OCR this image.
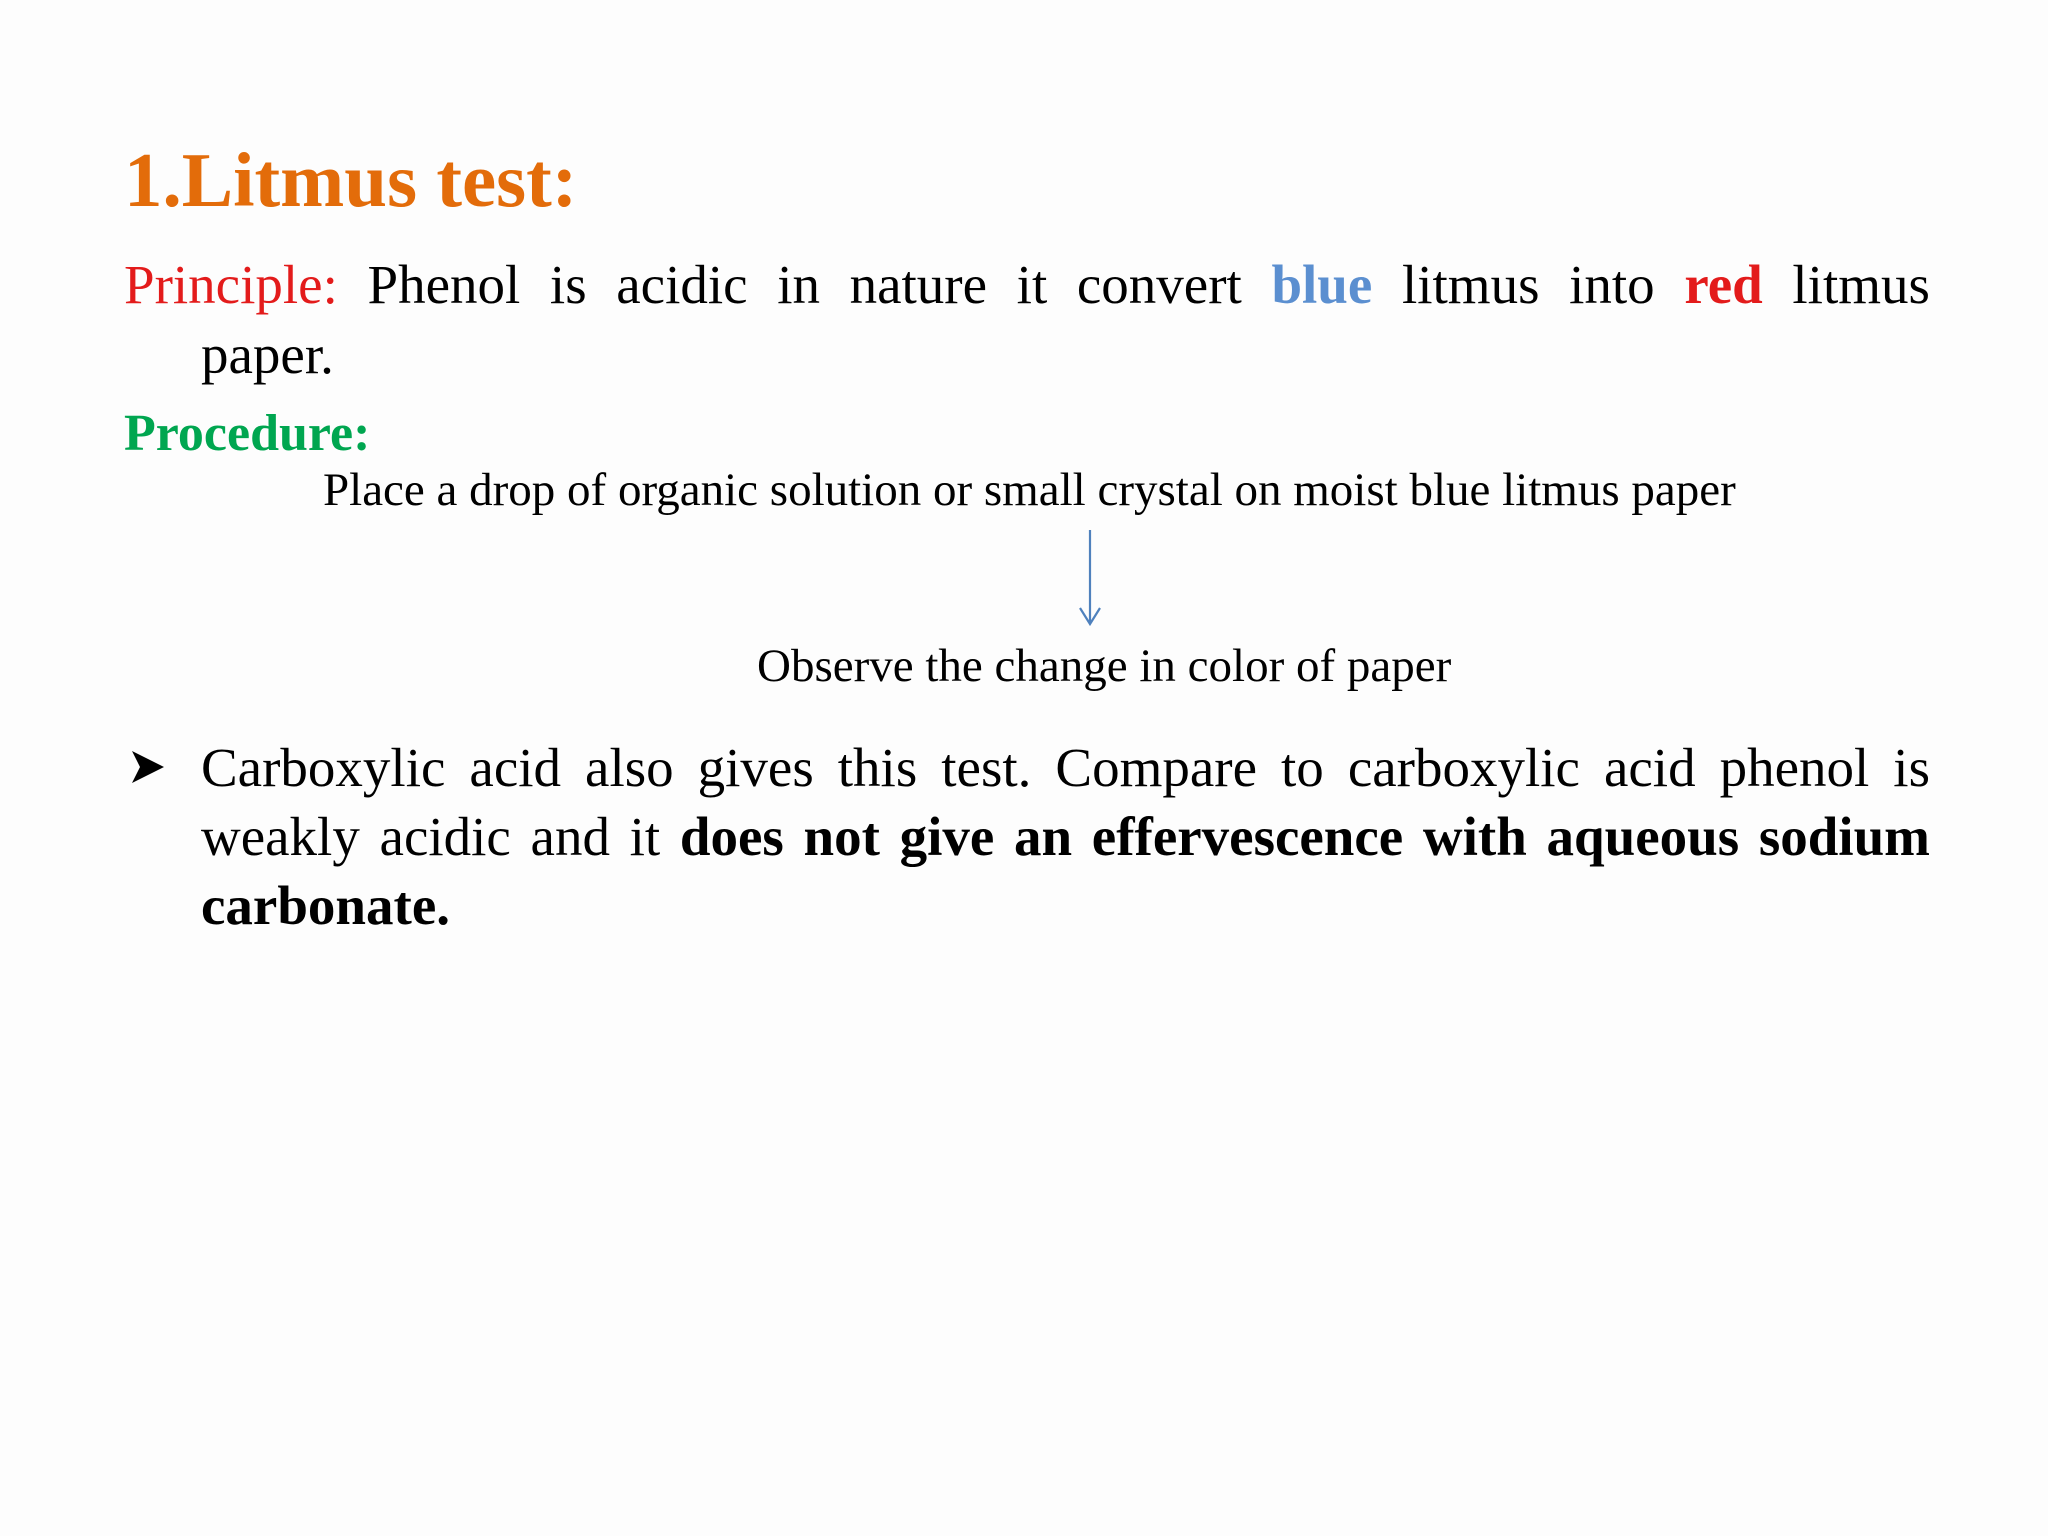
1.Litmus test:
Principle: Phenol is acidic in nature it convert blue litmus into red litmus
paper.
Procedure:
Place a drop of organic solution or small crystal on moist blue litmus paper
Observe the change in color of paper
Carboxylic acid also gives this test. Compare to carboxylic acid phenol is weakly acidic and it does not give an effervescence with aqueous sodium carbonate.
